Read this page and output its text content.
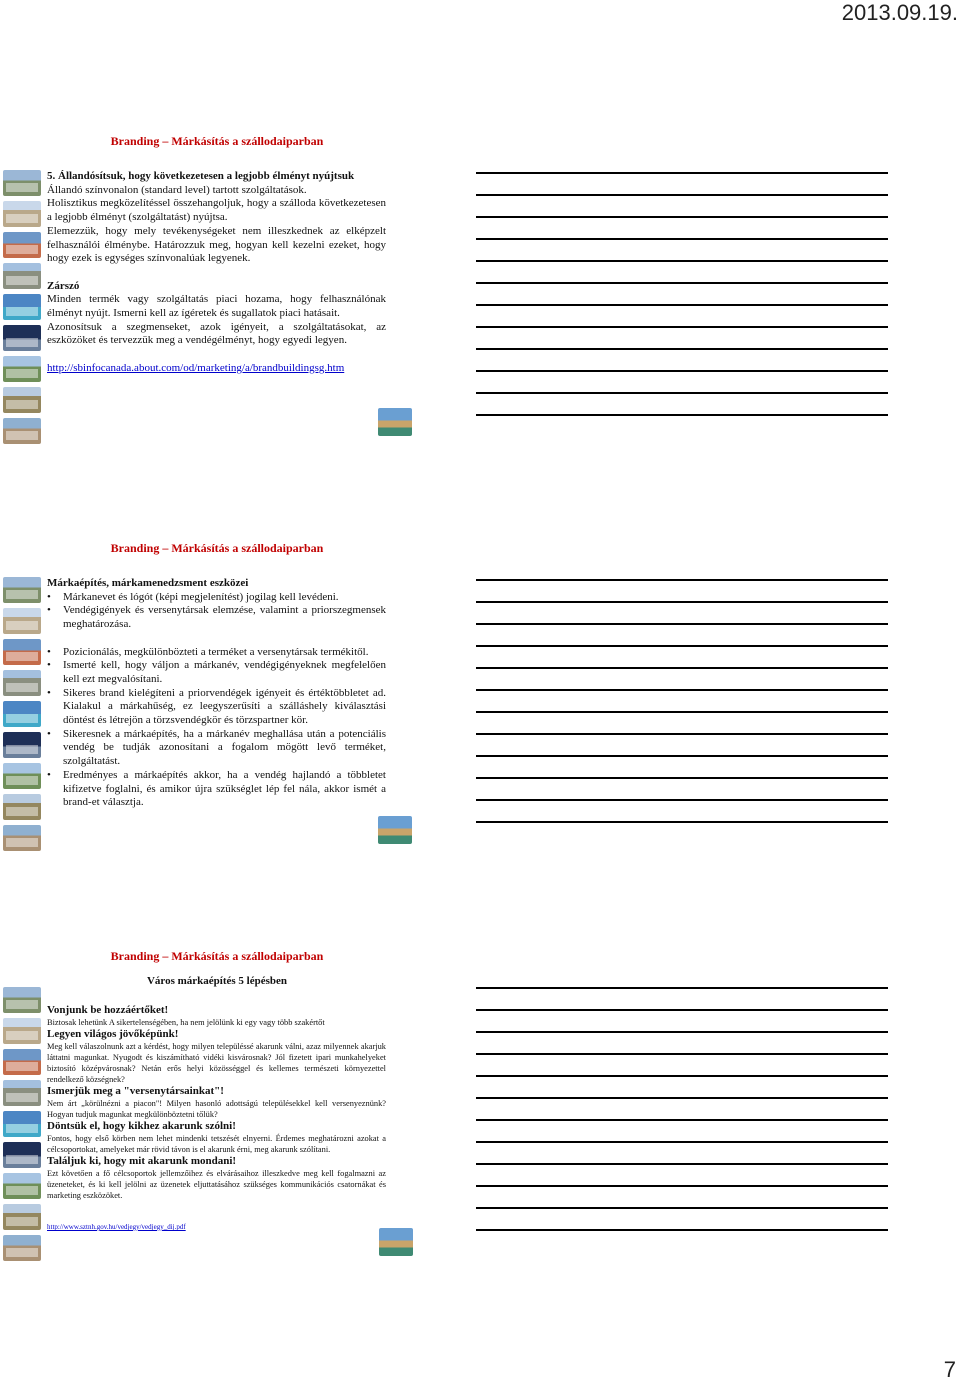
2013.09.19.
Branding – Márkásítás a szállodaiparban

5. Állandósítsuk, hogy következetesen a legjobb élményt nyújtsuk

Állandó színvonalon (standard level) tartott szolgáltatások.

Holisztikus megközelítéssel összehangoljuk, hogy a szálloda következetesen a legjobb élményt (szolgáltatást) nyújtsa.

Elemezzük, hogy mely tevékenységeket nem illeszkednek az elképzelt felhasználói élménybe. Határozzuk meg, hogyan kell kezelni ezeket, hogy hogy ezek is egységes színvonalúak legyenek.

Zárszó

Minden termék vagy szolgáltatás piaci hozama, hogy felhasználónak élményt nyújt. Ismerni kell az ígéretek és sugallatok piaci hatásait.

Azonosítsuk a szegmenseket, azok igényeit, a szolgáltatásokat, az eszközöket és tervezzük meg a vendégélményt, hogy egyedi legyen.

http://sbinfocanada.about.com/od/marketing/a/brandbuildingsg.htm
Branding – Márkásítás a szállodaiparban

Márkaépítés, márkamenedzsment eszközei

• Márkanevet és lógót (képi megjelenítést) jogilag kell levédeni.
• Vendégigények és versenytársak elemzése, valamint a priorszegmensek meghatározása.
• Pozicionálás, megkülönbözteti a terméket a versenytársak termékitől.
• Ismerté kell, hogy váljon a márkanév, vendégigényeknek megfelelően kell ezt megvalósítani.
• Sikeres brand kielégíteni a priorvendégek igényeit és értéktöbbletet ad. Kialakul a márkahűség, ez leegyszerűsíti a szálláshely kiválasztási döntést és létrejön a törzsvendégkör és törzspartner kör.
• Sikeresnek a márkaépítés, ha a márkanév meghallása után a potenciális vendég be tudják azonosítani a fogalom mögött levő terméket, szolgáltatást.
• Eredményes a márkaépítés akkor, ha a vendég hajlandó a többletet kifizetve foglalni, és amikor újra szükséglet lép fel nála, akkor ismét a brand-et választja.
Branding – Márkásítás a szállodaiparban
Város márkaépítés 5 lépésben

Vonjunk be hozzáértőket!

Biztosak lehetünk A sikertelenségében, ha nem jelölünk ki egy vagy több szakértőt

Legyen világos jövőképünk!

Meg kell válaszolnunk azt a kérdést, hogy milyen településsé akarunk válni, azaz milyennek akarjuk láttatni magunkat. Nyugodt és kiszámítható vidéki kisvárosnak? Jól fizetett ipari munkahelyeket biztosító középvárosnak? Netán erős helyi közösséggel és kellemes természeti környezettel rendelkező községnek?

Ismerjük meg a "versenytársainkat"!

Nem árt „körülnézni a piacon"! Milyen hasonló adottságú településekkel kell versenyeznünk? Hogyan tudjuk magunkat megkülönböztetni tőlük?

Döntsük el, hogy kikhez akarunk szólni!

Fontos, hogy első körben nem lehet mindenki tetszését elnyerni. Érdemes meghatározni azokat a célcsoportokat, amelyeket már rövid távon is el akarunk érni, meg akarunk szólítani.

Találjuk ki, hogy mit akarunk mondani!

Ezt követően a fő célcsoportok jellemzőihez és elvárásaihoz illeszkedve meg kell fogalmazni az üzeneteket, és ki kell jelölni az üzenetek eljuttatásához szükséges kommunikációs csatornákat és marketing eszközöket.

http://www.sztnh.gov.hu/vedjegy/vedjegy_dij.pdf
7
